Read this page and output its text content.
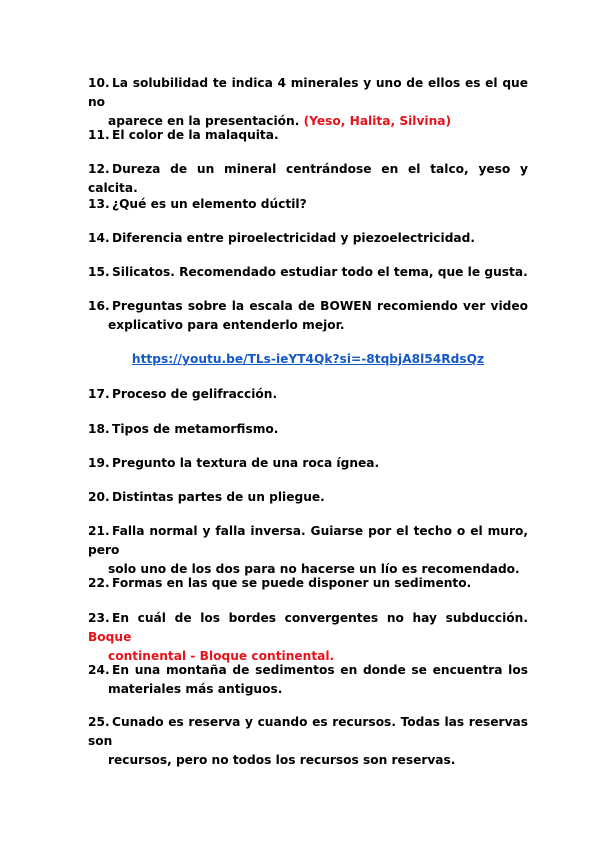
10. La solubilidad te indica 4 minerales y uno de ellos es el que no
aparece en la presentación. (Yeso, Halita, Silvina)
11. El color de la malaquita.
12. Dureza de un mineral centrándose en el talco, yeso y calcita.
13. ¿Qué es un elemento dúctil?
14. Diferencia entre piroelectricidad y piezoelectricidad.
15. Silicatos. Recomendado estudiar todo el tema, que le gusta.
16. Preguntas sobre la escala de BOWEN recomiendo ver video
explicativo para entenderlo mejor.
https://youtu.be/TLs-ieYT4Qk?si=-8tqbjA8l54RdsQz
17. Proceso de gelifracción.
18. Tipos de metamorfismo.
19. Pregunto la textura de una roca ígnea.
20. Distintas partes de un pliegue.
21. Falla normal y falla inversa. Guiarse por el techo o el muro, pero
solo uno de los dos para no hacerse un lío es recomendado.
22. Formas en las que se puede disponer un sedimento.
23. En cuál de los bordes convergentes no hay subducción. Boque
continental - Bloque continental.
24. En una montaña de sedimentos en donde se encuentra los
materiales más antiguos.
25. Cunado es reserva y cuando es recursos. Todas las reservas son
recursos, pero no todos los recursos son reservas.
